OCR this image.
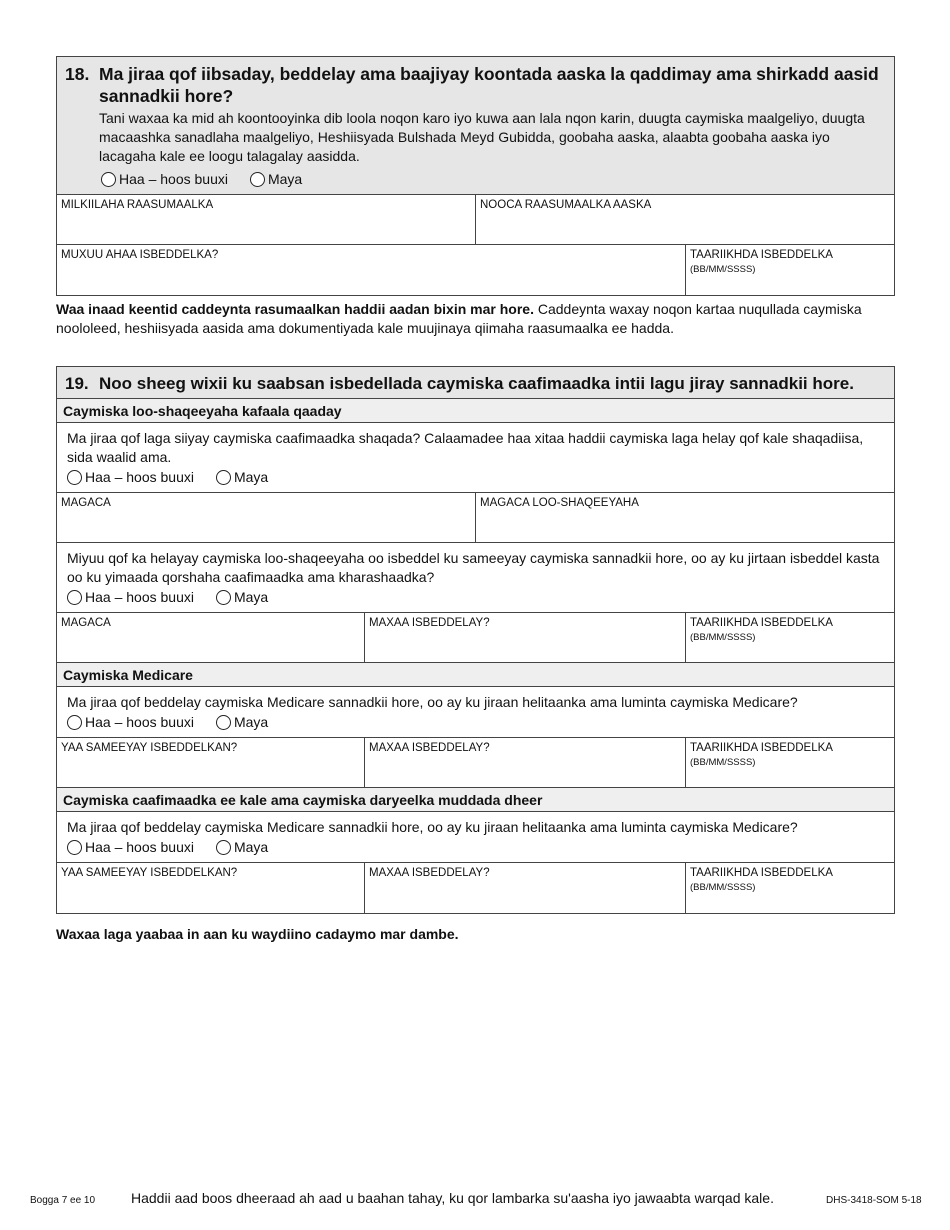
18. Ma jiraa qof iibsaday, beddelay ama baajiyay koontada aaska la qaddimay ama shirkadd aasid sannadkii hore?
Tani waxaa ka mid ah koontooyinka dib loola noqon karo iyo kuwa aan lala nqon karin, duugta caymiska maalgeliyo, duugta macaashka sanadlaha maalgeliyo, Heshiisyada Bulshada Meyd Gubidda, goobaha aaska, alaabta goobaha aaska iyo lacagaha kale ee loogu talagalay aasidda.
Haa – hoos buuxi	Maya
MILKIILAHA RAASUMAALKA	NOOCA RAASUMAALKA AASKA
MUXUU AHAA ISBEDDELKA?	TAARIIKHDA ISBEDDELKA (BB/MM/SSSS)
Waa inaad keentid caddeynta rasumaalkan haddii aadan bixin mar hore. Caddeynta waxay noqon kartaa nuqullada caymiska noololeed, heshiisyada aasida ama dokumentiyada kale muujinaya qiimaha raasumaalka ee hadda.
19. Noo sheeg wixii ku saabsan isbedellada caymiska caafimaadka intii lagu jiray sannadkii hore.
Caymiska loo-shaqeeyaha kafaala qaaday
Ma jiraa qof laga siiyay caymiska caafimaadka shaqada? Calaamadee haa xitaa haddii caymiska laga helay qof kale shaqadiisa, sida waalid ama.
Haa – hoos buuxi	Maya
MAGACA	MAGACA LOO-SHAQEEYAHA
Miyuu qof ka helayay caymiska loo-shaqeeyaha oo isbeddel ku sameeyay caymiska sannadkii hore, oo ay ku jirtaan isbeddel kasta oo ku yimaada qorshaha caafimaadka ama kharashaadka?
Haa – hoos buuxi	Maya
MAGACA	MAXAA ISBEDDELAY?	TAARIIKHDA ISBEDDELKA (BB/MM/SSSS)
Caymiska Medicare
Ma jiraa qof beddelay caymiska Medicare sannadkii hore, oo ay ku jiraan helitaanka ama luminta caymiska Medicare?
Haa – hoos buuxi	Maya
YAA SAMEEYAY ISBEDDELKAN?	MAXAA ISBEDDELAY?	TAARIIKHDA ISBEDDELKA (BB/MM/SSSS)
Caymiska caafimaadka ee kale ama caymiska daryeelka muddada dheer
Ma jiraa qof beddelay caymiska Medicare sannadkii hore, oo ay ku jiraan helitaanka ama luminta caymiska Medicare?
Haa – hoos buuxi	Maya
YAA SAMEEYAY ISBEDDELKAN?	MAXAA ISBEDDELAY?	TAARIIKHDA ISBEDDELKA (BB/MM/SSSS)
Waxaa laga yaabaa in aan ku waydiino cadaymo mar dambe.
Bogga 7 ee 10	Haddii aad boos dheeraad ah aad u baahan tahay, ku qor lambarka su'aasha iyo jawaabta warqad kale.	DHS-3418-SOM 5-18
